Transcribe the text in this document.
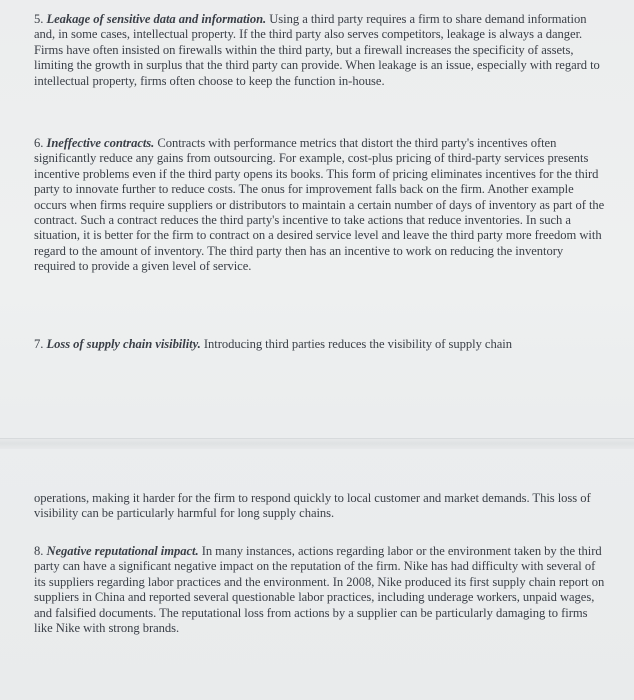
5. Leakage of sensitive data and information. Using a third party requires a firm to share demand information and, in some cases, intellectual property. If the third party also serves competitors, leakage is always a danger. Firms have often insisted on firewalls within the third party, but a firewall increases the specificity of assets, limiting the growth in surplus that the third party can provide. When leakage is an issue, especially with regard to intellectual property, firms often choose to keep the function in-house.

6. Ineffective contracts. Contracts with performance metrics that distort the third party's incentives often significantly reduce any gains from outsourcing. For example, cost-plus pricing of third-party services presents incentive problems even if the third party opens its books. This form of pricing eliminates incentives for the third party to innovate further to reduce costs. The onus for improvement falls back on the firm. Another example occurs when firms require suppliers or distributors to maintain a certain number of days of inventory as part of the contract. Such a contract reduces the third party's incentive to take actions that reduce inventories. In such a situation, it is better for the firm to contract on a desired service level and leave the third party more freedom with regard to the amount of inventory. The third party then has an incentive to work on reducing the inventory required to provide a given level of service.

7. Loss of supply chain visibility. Introducing third parties reduces the visibility of supply chain

operations, making it harder for the firm to respond quickly to local customer and market demands. This loss of visibility can be particularly harmful for long supply chains.

8. Negative reputational impact. In many instances, actions regarding labor or the environment taken by the third party can have a significant negative impact on the reputation of the firm. Nike has had difficulty with several of its suppliers regarding labor practices and the environment. In 2008, Nike produced its first supply chain report on suppliers in China and reported several questionable labor practices, including underage workers, unpaid wages, and falsified documents. The reputational loss from actions by a supplier can be particularly damaging to firms like Nike with strong brands.
